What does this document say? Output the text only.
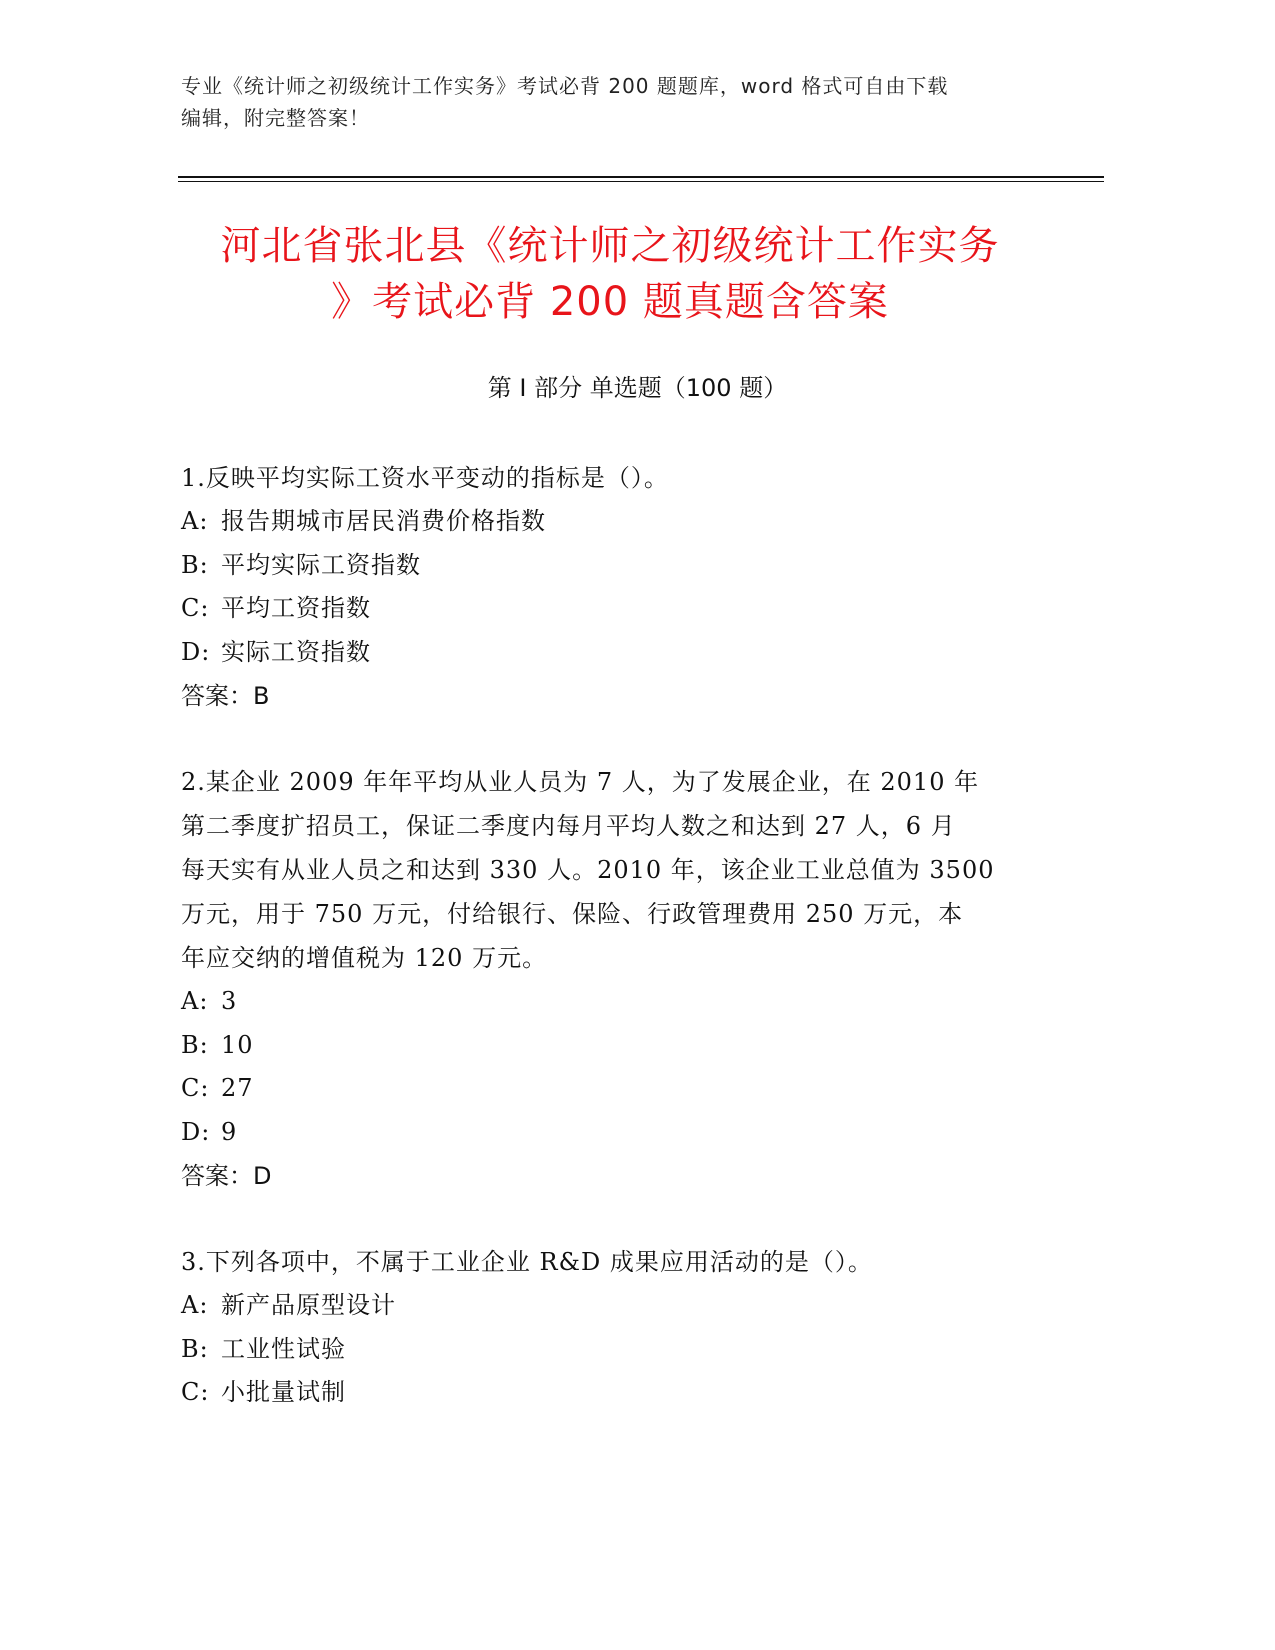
专业《统计师之初级统计工作实务》考试必背 200 题题库，word 格式可自由下载
编辑，附完整答案！
河北省张北县《统计师之初级统计工作实务
》考试必背 200 题真题含答案
第 I 部分 单选题（100 题）

1.反映平均实际工资水平变动的指标是（）。

A: 报告期城市居民消费价格指数

B: 平均实际工资指数

C: 平均工资指数

D: 实际工资指数

答案：B

2.某企业 2009 年年平均从业人员为 7 人，为了发展企业，在 2010 年

第二季度扩招员工，保证二季度内每月平均人数之和达到 27 人，6 月

每天实有从业人员之和达到 330 人。2010 年，该企业工业总值为 3500

万元，用于 750 万元，付给银行、保险、行政管理费用 250 万元，本

年应交纳的增值税为 120 万元。

A: 3

B: 10

C: 27

D: 9

答案：D

3.下列各项中，不属于工业企业 R&D 成果应用活动的是（）。

A: 新产品原型设计

B: 工业性试验

C: 小批量试制
